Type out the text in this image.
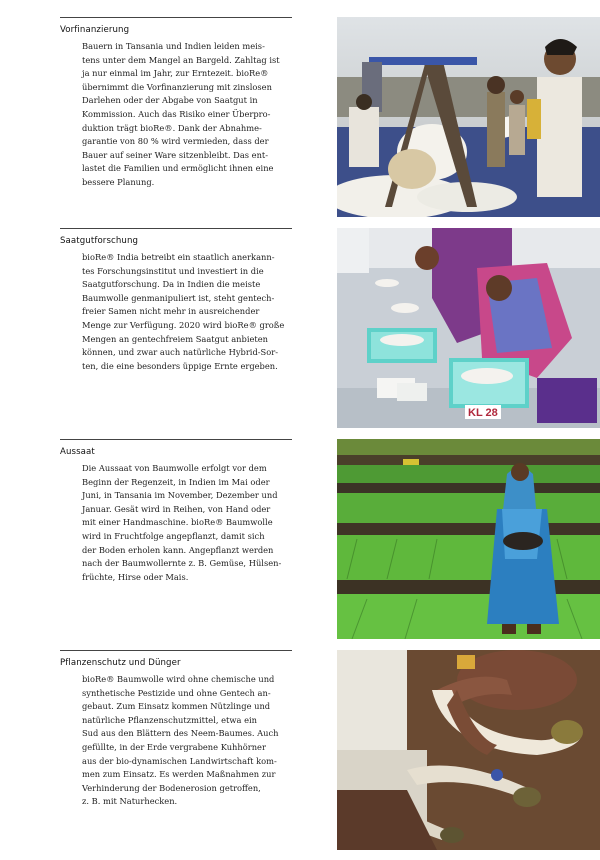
Vorfinanzierung
Bauern in Tansania und Indien leiden meis-
tens unter dem Mangel an Bargeld. Zahltag ist
ja nur einmal im Jahr, zur Erntezeit. bioRe®
übernimmt die Vorfinanzierung mit zinslosen
Darlehen oder der Abgabe von Saatgut in
Kommission. Auch das Risiko einer Überpro-
duktion trägt bioRe®. Dank der Abnahme-
garantie von 80 % wird vermieden, dass der
Bauer auf seiner Ware sitzenbleibt. Das ent-
lastet die Familien und ermöglicht ihnen eine
bessere Planung.
Saatgutforschung
bioRe® India betreibt ein staatlich anerkann-
tes Forschungsinstitut und investiert in die
Saatgutforschung. Da in Indien die meiste
Baumwolle genmanipuliert ist, steht gentech-
freier Samen nicht mehr in ausreichender
Menge zur Verfügung. 2020 wird bioRe® große
Mengen an gentechfreiem Saatgut anbieten
können, und zwar auch natürliche Hybrid-Sor-
ten, die eine besonders üppige Ernte ergeben.
Aussaat
Die Aussaat von Baumwolle erfolgt vor dem
Beginn der Regenzeit, in Indien im Mai oder
Juni, in Tansania im November, Dezember und
Januar. Gesät wird in Reihen, von Hand oder
mit einer Handmaschine. bioRe® Baumwolle
wird in Fruchtfolge angepflanzt, damit sich
der Boden erholen kann. Angepflanzt werden
nach der Baumwollernte z. B. Gemüse, Hülsen-
früchte, Hirse oder Mais.
Pflanzenschutz und Dünger
bioRe® Baumwolle wird ohne chemische und
synthetische Pestizide und ohne Gentech an-
gebaut. Zum Einsatz kommen Nützlinge und
natürliche Pflanzenschutzmittel, etwa ein
Sud aus den Blättern des Neem-Baumes. Auch
gefüllte, in der Erde vergrabene Kuhhörner
aus der bio-dynamischen Landwirtschaft kom-
men zum Einsatz. Es werden Maßnahmen zur
Verhinderung der Bodenerosion getroffen,
z. B. mit Naturhecken.
KL 28
